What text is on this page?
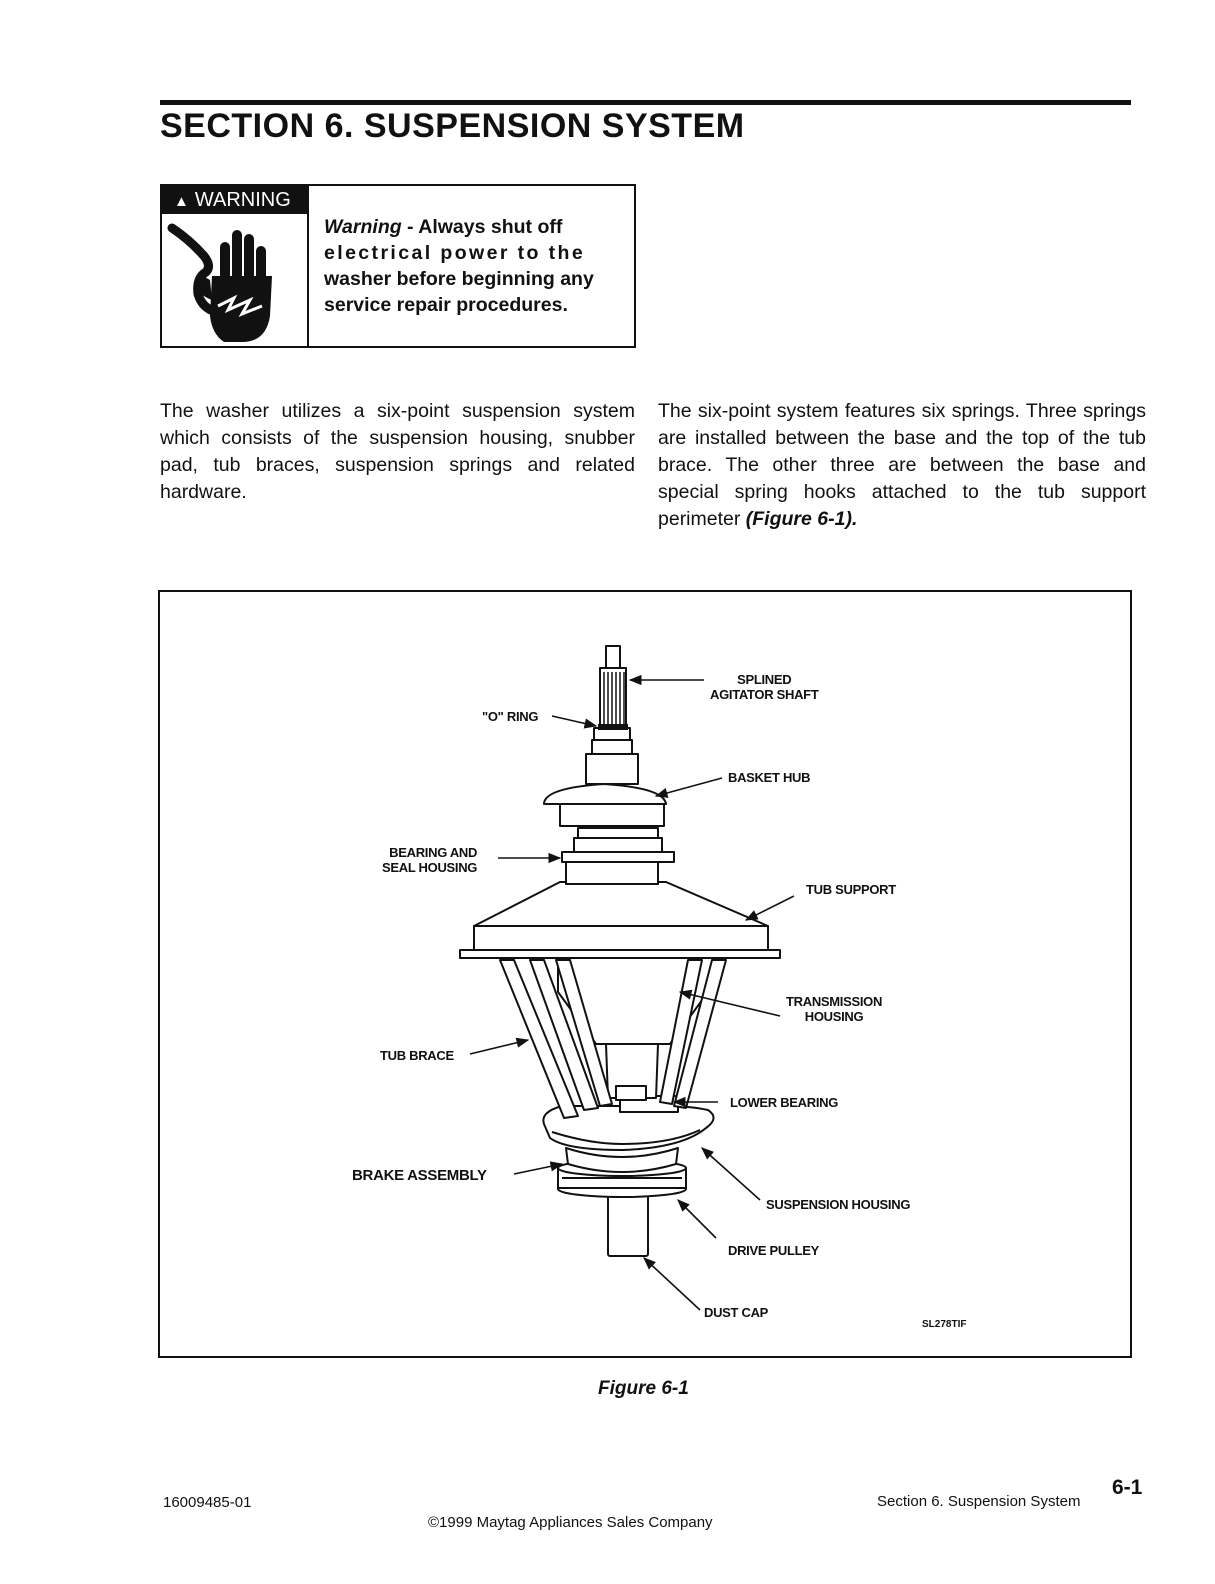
SECTION 6. SUSPENSION SYSTEM
▲ WARNING

Warning - Always shut off
electrical power to the
washer before beginning any
service repair procedures.

The washer utilizes a six-point suspension system which consists of the suspension housing, snubber pad, tub braces, suspension springs and related hardware.

The six-point system features six springs. Three springs are installed between the base and the top of the tub brace. The other three are between the base and special spring hooks attached to the tub support perimeter (Figure 6-1).

SPLINED
AGITATOR SHAFT

"O" RING

BASKET HUB

BEARING AND
SEAL HOUSING

TUB SUPPORT

TRANSMISSION
HOUSING

TUB BRACE

LOWER BEARING

BRAKE ASSEMBLY

SUSPENSION HOUSING

DRIVE PULLEY

DUST CAP

SL278TIF
Figure 6-1
16009485-01
©1999 Maytag Appliances Sales Company
Section 6. Suspension System
6-1
